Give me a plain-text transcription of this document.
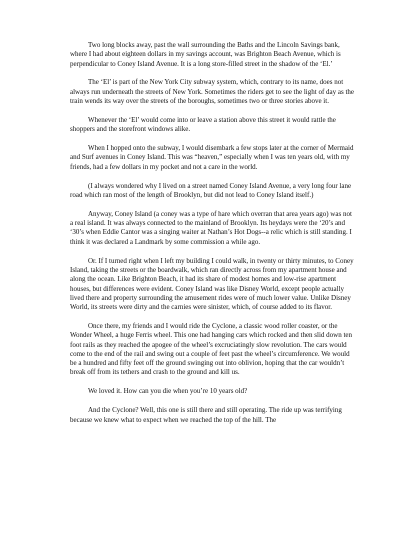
Two long blocks away, past the wall surrounding the Baths and the Lincoln Savings bank, where I had about eighteen dollars in my savings account, was Brighton Beach Avenue, which is perpendicular to Coney Island Avenue. It is a long store-filled street in the shadow of the ‘El.’

The ‘El’ is part of the New York City subway system, which, contrary to its name, does not always run underneath the streets of New York. Sometimes the riders get to see the light of day as the train wends its way over the streets of the boroughs, sometimes two or three stories above it.

Whenever the ‘El’ would come into or leave a station above this street it would rattle the shoppers and the storefront windows alike.

When I hopped onto the subway, I would disembark a few stops later at the corner of Mermaid and Surf avenues in Coney Island. This was “heaven,” especially when I was ten years old, with my friends, had a few dollars in my pocket and not a care in the world.

(I always wondered why I lived on a street named Coney Island Avenue, a very long four lane road which ran most of the length of Brooklyn, but did not lead to Coney Island itself.)

Anyway, Coney Island (a coney was a type of hare which overran that area years ago) was not a real island. It was always connected to the mainland of Brooklyn. Its heydays were the ‘20’s and ‘30’s when Eddie Cantor was a singing waiter at Nathan’s Hot Dogs--a relic which is still standing. I think it was declared a Landmark by some commission a while ago.

Or. If I turned right when I left my building I could walk, in twenty or thirty minutes, to Coney Island, taking the streets or the boardwalk, which ran directly across from my apartment house and along the ocean. Like Brighton Beach, it had its share of modest homes and low-rise apartment houses, but differences were evident. Coney Island was like Disney World, except people actually lived there and property surrounding the amusement rides were of much lower value. Unlike Disney World, its streets were dirty and the carnies were sinister, which, of course added to its flavor.

Once there, my friends and I would ride the Cyclone, a classic wood roller coaster, or the Wonder Wheel, a huge Ferris wheel. This one had hanging cars which rocked and then slid down ten foot rails as they reached the apogee of the wheel’s excruciatingly slow revolution. The cars would come to the end of the rail and swing out a couple of feet past the wheel’s circumference. We would be a hundred and fifty feet off the ground swinging out into oblivion, hoping that the car wouldn’t break off from its tethers and crash to the ground and kill us.

We loved it. How can you die when you’re 10 years old?

And the Cyclone? Well, this one is still there and still operating. The ride up was terrifying because we knew what to expect when we reached the top of the hill. The
